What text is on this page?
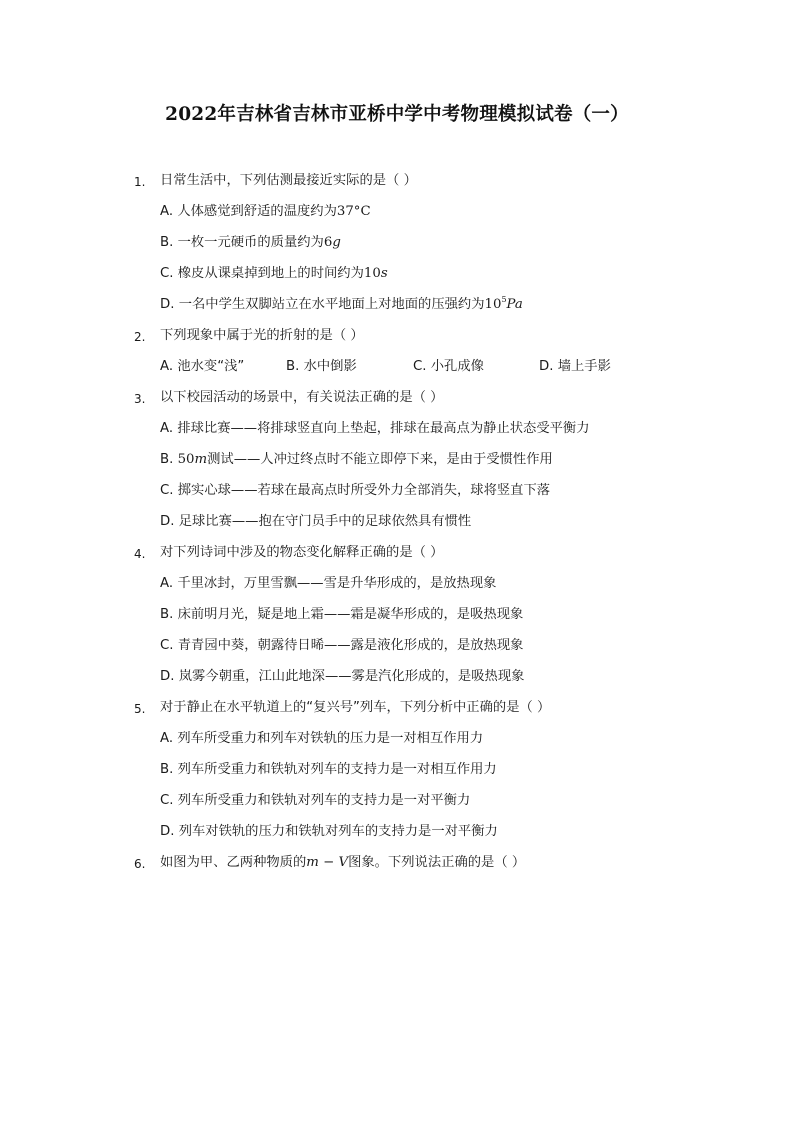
2022年吉林省吉林市亚桥中学中考物理模拟试卷（一）
1. 日常生活中，下列估测最接近实际的是（ ）
A. 人体感觉到舒适的温度约为37°C
B. 一枚一元硬币的质量约为6g
C. 橡皮从课桌掉到地上的时间约为10s
D. 一名中学生双脚站立在水平地面上对地面的压强约为$10^5Pa$
2. 下列现象中属于光的折射的是（ ）
A. 池水变“浅”	B. 水中倒影	C. 小孔成像	D. 墙上手影
3. 以下校园活动的场景中，有关说法正确的是（ ）
A. 排球比赛——将排球竖直向上垫起，排球在最高点为静止状态受平衡力
B. 50m测试——人冲过终点时不能立即停下来，是由于受惯性作用
C. 掷实心球——若球在最高点时所受外力全部消失，球将竖直下落
D. 足球比赛——抱在守门员手中的足球依然具有惯性
4. 对下列诗词中涉及的物态变化解释正确的是（ ）
A. 千里冰封，万里雪飘——雪是升华形成的，是放热现象
B. 床前明月光，疑是地上霜——霜是凝华形成的，是吸热现象
C. 青青园中葵，朝露待日晞——露是液化形成的，是放热现象
D. 岚雾今朝重，江山此地深——雾是汽化形成的，是吸热现象
5. 对于静止在水平轨道上的“复兴号”列车，下列分析中正确的是（ ）
A. 列车所受重力和列车对铁轨的压力是一对相互作用力
B. 列车所受重力和铁轨对列车的支持力是一对相互作用力
C. 列车所受重力和铁轨对列车的支持力是一对平衡力
D. 列车对铁轨的压力和铁轨对列车的支持力是一对平衡力
6. 如图为甲、乙两种物质的m − V图象。下列说法正确的是（ ）
